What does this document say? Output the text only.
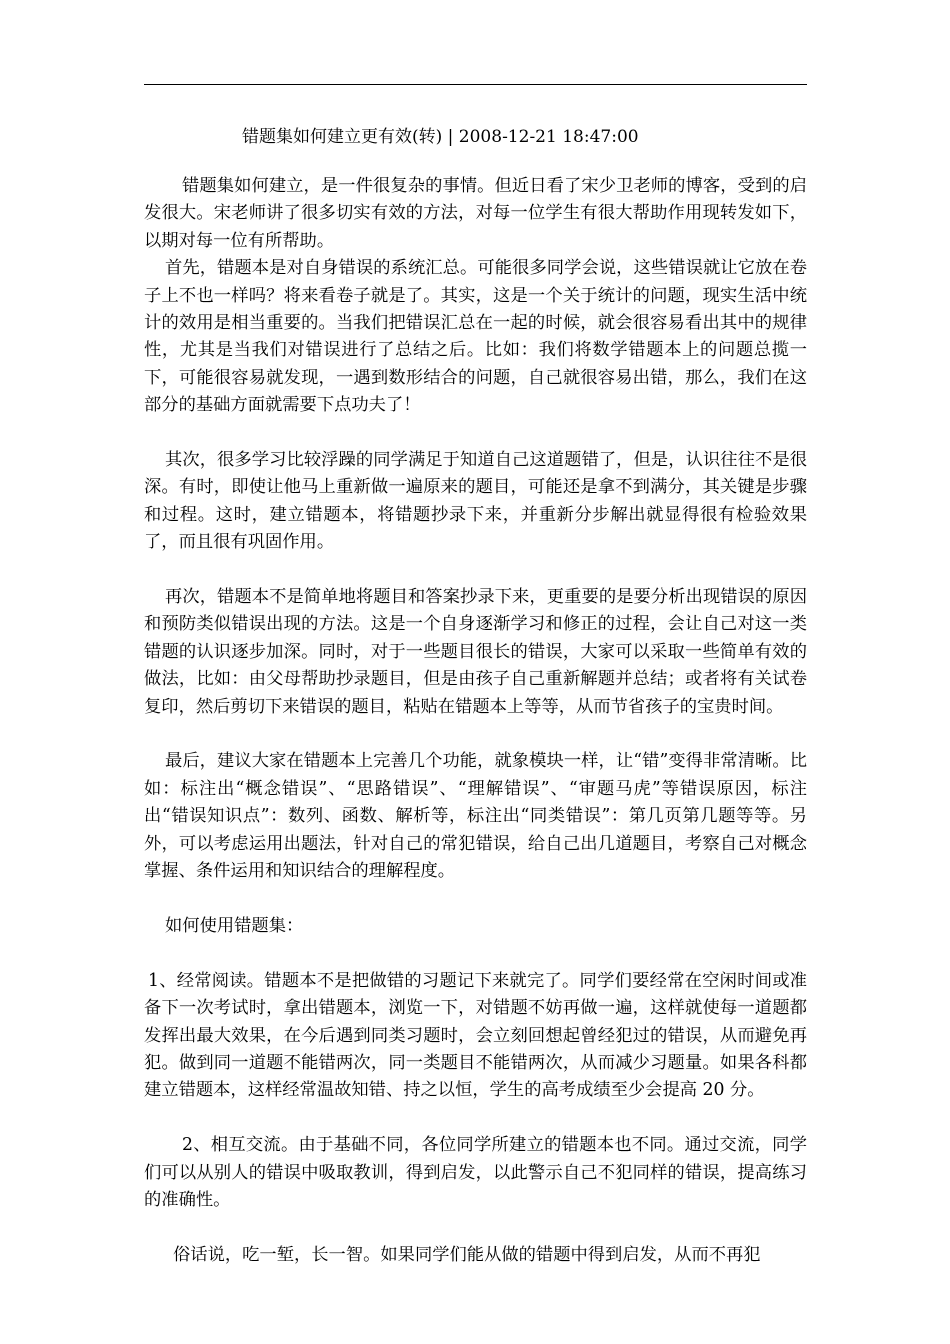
错题集如何建立更有效(转) | 2008-12-21 18:47:00

错题集如何建立，是一件很复杂的事情。但近日看了宋少卫老师的博客，受到的启发很大。宋老师讲了很多切实有效的方法，对每一位学生有很大帮助作用现转发如下，以期对每一位有所帮助。

首先，错题本是对自身错误的系统汇总。可能很多同学会说，这些错误就让它放在卷子上不也一样吗？将来看卷子就是了。其实，这是一个关于统计的问题，现实生活中统计的效用是相当重要的。当我们把错误汇总在一起的时候，就会很容易看出其中的规律性，尤其是当我们对错误进行了总结之后。比如：我们将数学错题本上的问题总揽一下，可能很容易就发现，一遇到数形结合的问题，自己就很容易出错，那么，我们在这部分的基础方面就需要下点功夫了！

其次，很多学习比较浮躁的同学满足于知道自己这道题错了，但是，认识往往不是很深。有时，即使让他马上重新做一遍原来的题目，可能还是拿不到满分，其关键是步骤和过程。这时，建立错题本，将错题抄录下来，并重新分步解出就显得很有检验效果了，而且很有巩固作用。

再次，错题本不是简单地将题目和答案抄录下来，更重要的是要分析出现错误的原因和预防类似错误出现的方法。这是一个自身逐渐学习和修正的过程，会让自己对这一类错题的认识逐步加深。同时，对于一些题目很长的错误，大家可以采取一些简单有效的做法，比如：由父母帮助抄录题目，但是由孩子自己重新解题并总结；或者将有关试卷复印，然后剪切下来错误的题目，粘贴在错题本上等等，从而节省孩子的宝贵时间。

最后，建议大家在错题本上完善几个功能，就象模块一样，让“错”变得非常清晰。比如：标注出“概念错误”、“思路错误”、“理解错误”、“审题马虎”等错误原因，标注出“错误知识点”：数列、函数、解析等，标注出“同类错误”：第几页第几题等等。另外，可以考虑运用出题法，针对自己的常犯错误，给自己出几道题目，考察自己对概念掌握、条件运用和知识结合的理解程度。

如何使用错题集：

1、经常阅读。错题本不是把做错的习题记下来就完了。同学们要经常在空闲时间或准备下一次考试时，拿出错题本，浏览一下，对错题不妨再做一遍，这样就使每一道题都发挥出最大效果，在今后遇到同类习题时，会立刻回想起曾经犯过的错误，从而避免再犯。做到同一道题不能错两次，同一类题目不能错两次，从而减少习题量。如果各科都建立错题本，这样经常温故知错、持之以恒，学生的高考成绩至少会提高 20 分。

2、相互交流。由于基础不同，各位同学所建立的错题本也不同。通过交流，同学们可以从别人的错误中吸取教训，得到启发，以此警示自己不犯同样的错误，提高练习的准确性。

俗话说，吃一堑，长一智。如果同学们能从做的错题中得到启发，从而不再犯
